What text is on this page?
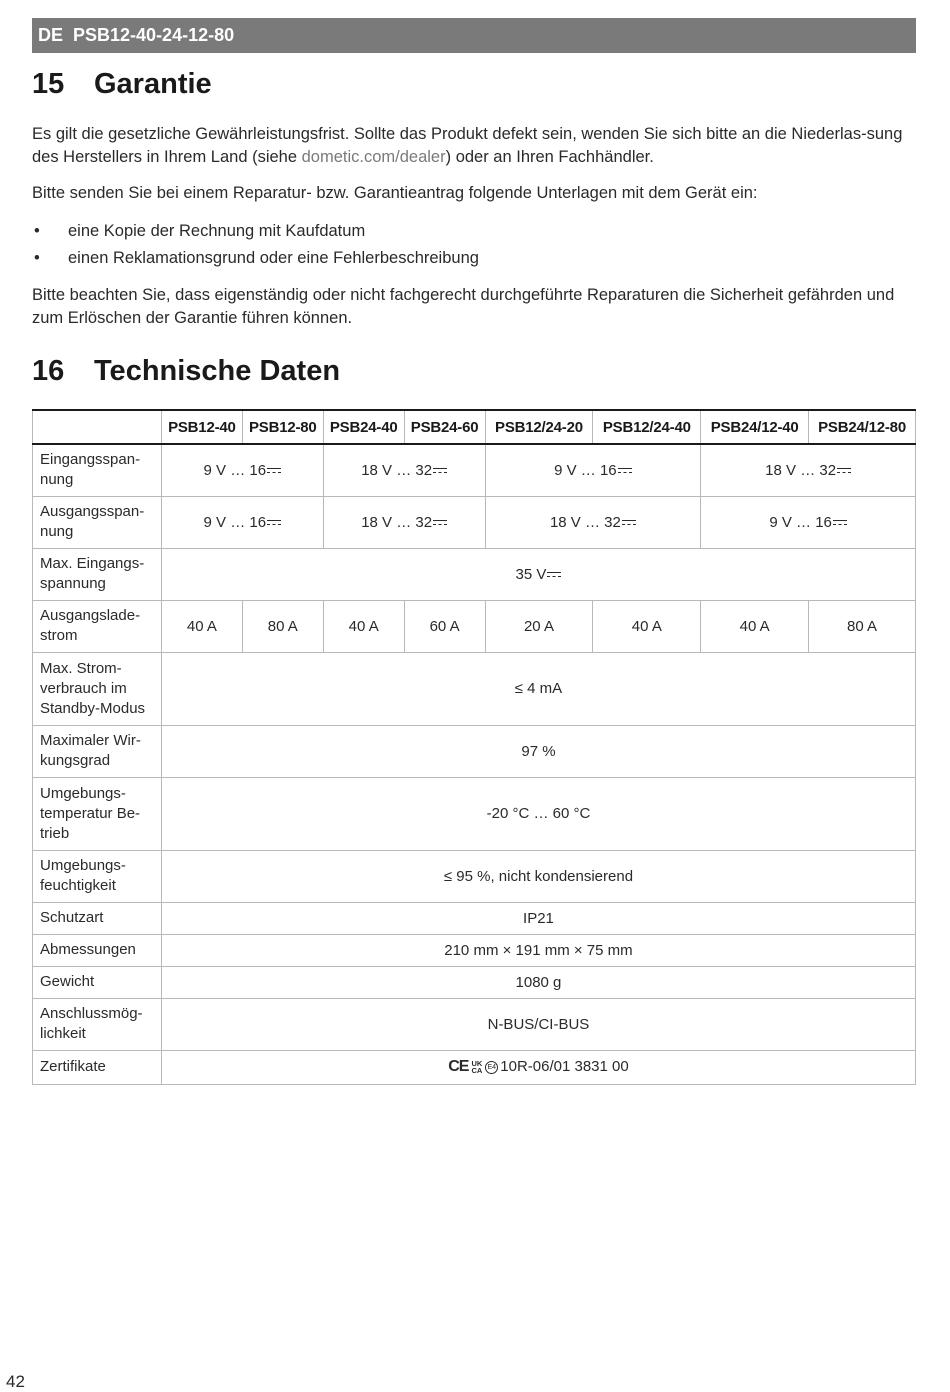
DE PSB12-40-24-12-80
15	Garantie

Es gilt die gesetzliche Gewährleistungsfrist. Sollte das Produkt defekt sein, wenden Sie sich bitte an die Niederlas-sung des Herstellers in Ihrem Land (siehe dometic.com/dealer) oder an Ihren Fachhändler.

Bitte senden Sie bei einem Reparatur- bzw. Garantieantrag folgende Unterlagen mit dem Gerät ein:

•	eine Kopie der Rechnung mit Kaufdatum
•	einen Reklamationsgrund oder eine Fehlerbeschreibung

Bitte beachten Sie, dass eigenständig oder nicht fachgerecht durchgeführte Reparaturen die Sicherheit gefährden und zum Erlöschen der Garantie führen können.

16	Technische Daten
	PSB12-40	PSB12-80	PSB24-40	PSB24-60	PSB12/24-20	PSB12/24-40	PSB24/12-40	PSB24/12-80
Eingangsspan-nung	9 V … 16		18 V … 32		9 V … 16		18 V … 32	
Ausgangsspan-nung	9 V … 16		18 V … 32		18 V … 32		9 V … 16	
Max. Eingangs-spannung	35 V							
Ausgangslade-strom	40 A	80 A	40 A	60 A	20 A	40 A	40 A	80 A
Max. Strom-verbrauch im Standby-Modus	≤ 4 mA							
Maximaler Wir-kungsgrad	97 %							
Umgebungs-temperatur Be-trieb	-20 °C … 60 °C							
Umgebungs-feuchtigkeit	≤ 95 %, nicht kondensierend							
Schutzart	IP21							
Abmessungen	210 mm × 191 mm × 75 mm							
Gewicht	1080 g							
Anschlussmög-lichkeit	N-BUS/CI-BUS							
Zertifikate	CE UK
CA E4 10R-06/01 3831 00							
42
